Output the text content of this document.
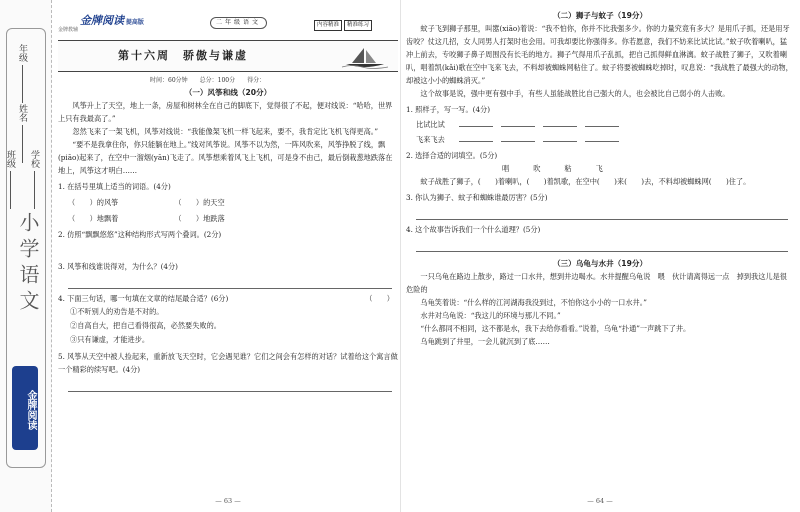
年级
姓名
学校
班级
小学语文
金牌阅读
金牌阅读 提高版
金牌教辅
二年级语文	内容精准 精准练习
第十六周　骄傲与谦虚
时间：60分钟 总分：100分 得分：
（一）风筝和线（20分）
风筝升上了天空，地上一条，房屋和树林全在自己的脚底下，觉得很了不起，便对线说：“哈哈，世界上只有我最高了。”
忽然飞来了一架飞机，风筝对线说：“我能像架飞机一样飞起来，要不，我肯定比飞机飞得更高。”
“要不是我拿住你，你只能躺在地上。”线对风筝说。风筝不以为然，一阵风吹来，风筝挣脱了线，飘(piāo)起来了，在空中一溜烟(yān)飞走了。风筝想乘着风飞上飞机，可是身不由己，最后倒栽葱地跌落在地上，风筝这才明白……
1. 在括号里填上适当的词语。(4分)
（　　）的风筝	（　　）的天空
（　　）地飘着	（　　）地跌落
2. 仿照“飘飘悠悠”这种结构形式写两个叠词。(2分)
3. 风筝和线谁说得对，为什么？(4分)
4. 下面三句话，哪一句填在文章的结尾最合适？(6分)	（　　）
①不听别人的劝告是不对的。
②自高自大，把自己看得很高，必然要失败的。
③只有谦虚，才能进步。
5. 风筝从天空中被人捡起来，重新放飞天空时，它会遇见谁？它们之间会有怎样的对话？试着给这个寓言做一个精彩的续写吧。(4分)
— 63 —
（二）狮子与蚊子（19分）
蚊子飞到狮子那里，叫嚣(xiāo)着说：“我不怕你，你并不比我强多少。你的力量究竟有多大？是用爪子抓，还是用牙齿咬？仗这几招，女人同男人打架时也会用。可我却要比你强得多。你若愿意，我们不妨来比试比试。”蚊子吹着喇叭，猛冲上前去，专咬狮子鼻子周围没有长毛的地方。狮子气得用爪子乱抓，把自己抓得鲜血淋漓。蚊子战胜了狮子，又吹着喇叭，唱着凯(kǎi)歌在空中飞来飞去，不料却被蜘蛛网粘住了。蚊子将要被蜘蛛吃掉时，叹息说：“我战胜了最强大的动物，却被这小小的蜘蛛消灭。”
这个故事是说，强中更有强中手，有些人虽能战胜比自己强大的人，也会被比自己弱小的人击败。
1. 照样子，写一写。(4分)
比试比试
飞来飞去
2. 选择合适的词填空。(5分)
唱	吹	粘	飞
蚊子战胜了狮子，(　　)着喇叭，(　　)着凯歌，在空中(　　)来(　　)去，不料却被蜘蛛网(　　)住了。
3. 你认为狮子、蚊子和蜘蛛谁最厉害？(5分)
4. 这个故事告诉我们一个什么道理？(5分)
（三）乌龟与水井（19分）
一只乌龟在路边上散步，路过一口水井，想到井边喝水。水井提醒乌龟说　喂　伙计请离得远一点　掉到我这儿是很危险的
乌龟笑着说：“什么样的江河湖海我没到过，不怕你这小小的一口水井。”
水井对乌龟说：“我这儿的环境与那儿不同。”
“什么都同不相同，这不都是水，我下去给你看看。”说着，乌龟“扑通”一声跳下了井。
乌龟跳到了井里，一会儿就沉到了底……
— 64 —
